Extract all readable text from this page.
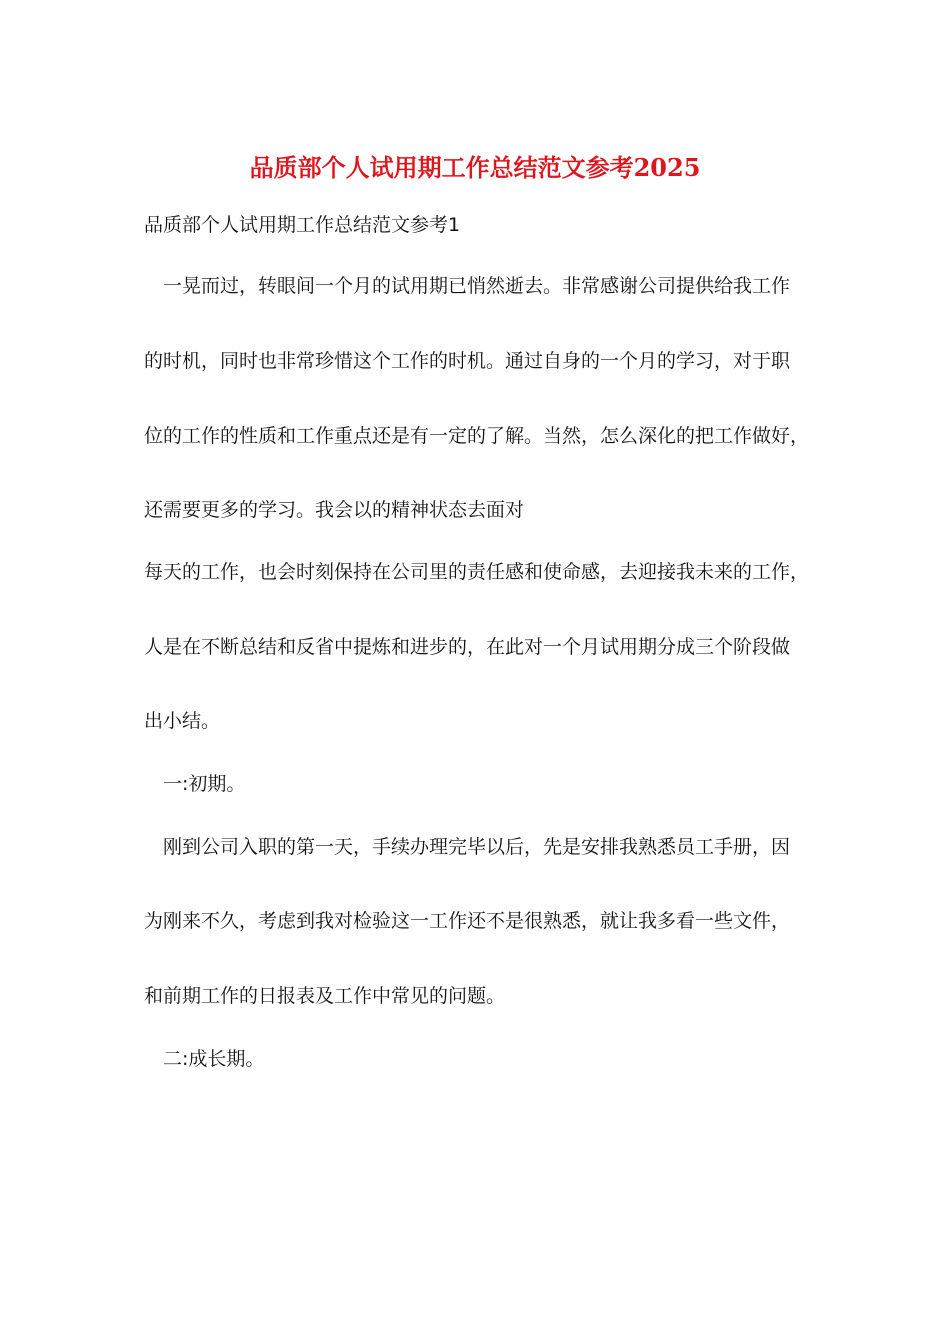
品质部个人试用期工作总结范文参考2025

品质部个人试用期工作总结范文参考1

一晃而过，转眼间一个月的试用期已悄然逝去。非常感谢公司提供给我工作

的时机，同时也非常珍惜这个工作的时机。通过自身的一个月的学习，对于职

位的工作的性质和工作重点还是有一定的了解。当然，怎么深化的把工作做好，

还需要更多的学习。我会以的精神状态去面对

每天的工作，也会时刻保持在公司里的责任感和使命感，去迎接我未来的工作，

人是在不断总结和反省中提炼和进步的，在此对一个月试用期分成三个阶段做

出小结。

一:初期。

刚到公司入职的第一天，手续办理完毕以后，先是安排我熟悉员工手册，因

为刚来不久，考虑到我对检验这一工作还不是很熟悉，就让我多看一些文件，

和前期工作的日报表及工作中常见的问题。

二:成长期。
